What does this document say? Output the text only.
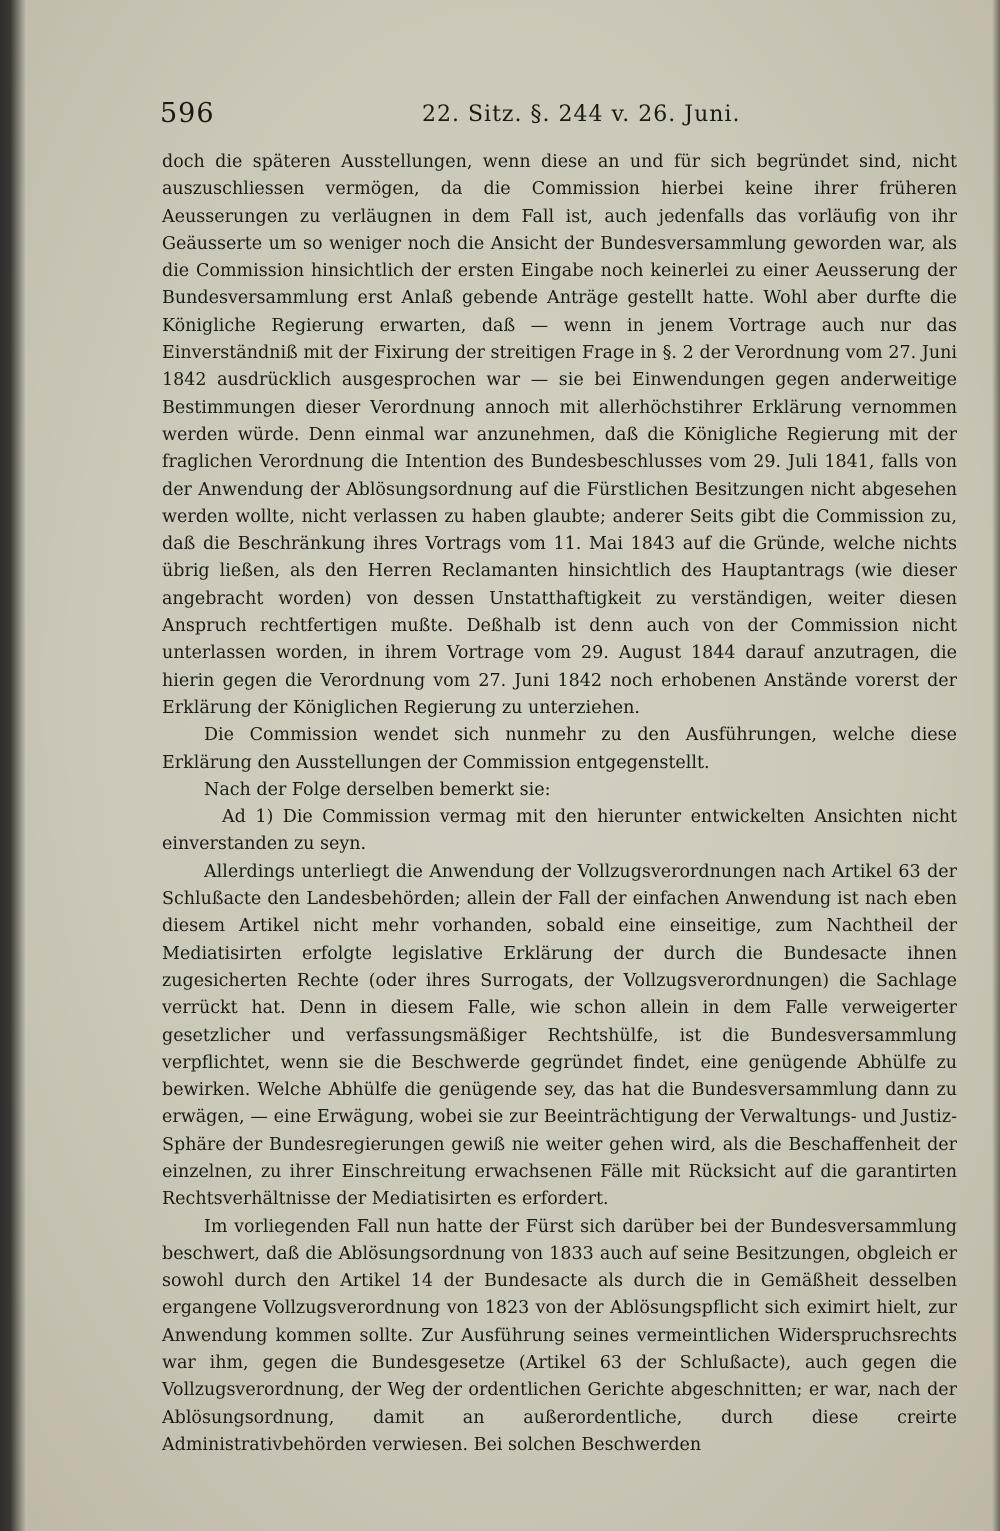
596	22. Sitz. §. 244 v. 26. Juni.

doch die späteren Ausstellungen, wenn diese an und für sich begründet sind, nicht auszuschliessen vermögen, da die Commission hierbei keine ihrer früheren Aeusserungen zu verläugnen in dem Fall ist, auch jedenfalls das vorläufig von ihr Geäusserte um so weniger noch die Ansicht der Bundesversammlung geworden war, als die Commission hinsichtlich der ersten Eingabe noch keinerlei zu einer Aeusserung der Bundesversammlung erst Anlaß gebende Anträge gestellt hatte. Wohl aber durfte die Königliche Regierung erwarten, daß — wenn in jenem Vortrage auch nur das Einverständniß mit der Fixirung der streitigen Frage in §. 2 der Verordnung vom 27. Juni 1842 ausdrücklich ausgesprochen war — sie bei Einwendungen gegen anderweitige Bestimmungen dieser Verordnung annoch mit allerhöchstihrer Erklärung vernommen werden würde. Denn einmal war anzunehmen, daß die Königliche Regierung mit der fraglichen Verordnung die Intention des Bundesbeschlusses vom 29. Juli 1841, falls von der Anwendung der Ablösungsordnung auf die Fürstlichen Besitzungen nicht abgesehen werden wollte, nicht verlassen zu haben glaubte; anderer Seits gibt die Commission zu, daß die Beschränkung ihres Vortrags vom 11. Mai 1843 auf die Gründe, welche nichts übrig ließen, als den Herren Reclamanten hinsichtlich des Hauptantrags (wie dieser angebracht worden) von dessen Unstatthaftigkeit zu verständigen, weiter diesen Anspruch rechtfertigen mußte. Deßhalb ist denn auch von der Commission nicht unterlassen worden, in ihrem Vortrage vom 29. August 1844 darauf anzutragen, die hierin gegen die Verordnung vom 27. Juni 1842 noch erhobenen Anstände vorerst der Erklärung der Königlichen Regierung zu unterziehen.

Die Commission wendet sich nunmehr zu den Ausführungen, welche diese Erklärung den Ausstellungen der Commission entgegenstellt.

Nach der Folge derselben bemerkt sie:

Ad 1) Die Commission vermag mit den hierunter entwickelten Ansichten nicht einverstanden zu seyn.

Allerdings unterliegt die Anwendung der Vollzugsverordnungen nach Artikel 63 der Schlußacte den Landesbehörden; allein der Fall der einfachen Anwendung ist nach eben diesem Artikel nicht mehr vorhanden, sobald eine einseitige, zum Nachtheil der Mediatisirten erfolgte legislative Erklärung der durch die Bundesacte ihnen zugesicherten Rechte (oder ihres Surrogats, der Vollzugsverordnungen) die Sachlage verrückt hat. Denn in diesem Falle, wie schon allein in dem Falle verweigerter gesetzlicher und verfassungsmäßiger Rechtshülfe, ist die Bundesversammlung verpflichtet, wenn sie die Beschwerde gegründet findet, eine genügende Abhülfe zu bewirken. Welche Abhülfe die genügende sey, das hat die Bundesversammlung dann zu erwägen, — eine Erwägung, wobei sie zur Beeinträchtigung der Verwaltungs- und Justiz-Sphäre der Bundesregierungen gewiß nie weiter gehen wird, als die Beschaffenheit der einzelnen, zu ihrer Einschreitung erwachsenen Fälle mit Rücksicht auf die garantirten Rechtsverhältnisse der Mediatisirten es erfordert.

Im vorliegenden Fall nun hatte der Fürst sich darüber bei der Bundesversammlung beschwert, daß die Ablösungsordnung von 1833 auch auf seine Besitzungen, obgleich er sowohl durch den Artikel 14 der Bundesacte als durch die in Gemäßheit desselben ergangene Vollzugsverordnung von 1823 von der Ablösungspflicht sich eximirt hielt, zur Anwendung kommen sollte. Zur Ausführung seines vermeintlichen Widerspruchsrechts war ihm, gegen die Bundesgesetze (Artikel 63 der Schlußacte), auch gegen die Vollzugsverordnung, der Weg der ordentlichen Gerichte abgeschnitten; er war, nach der Ablösungsordnung, damit an außerordentliche, durch diese creirte Administrativbehörden verwiesen. Bei solchen Beschwerden
